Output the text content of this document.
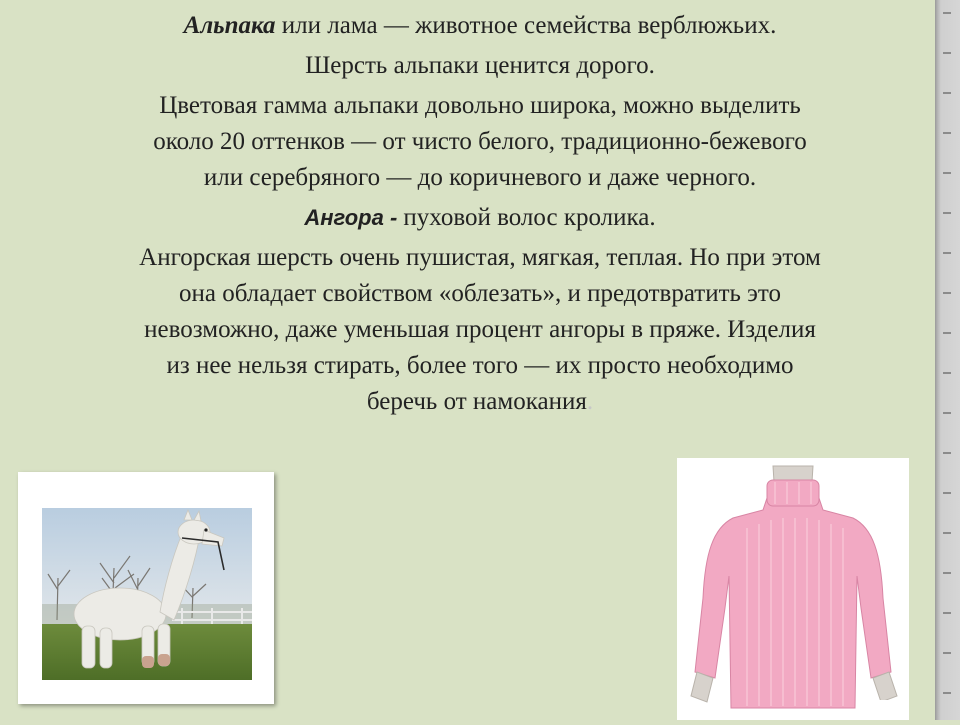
Альпака или лама — животное семейства верблюжьих.

Шерсть альпаки ценится дорого.

Цветовая гамма альпаки довольно широка, можно выделить
около 20 оттенков — от чисто белого, традиционно-бежевого
или серебряного — до коричневого и даже черного.

Ангора - пуховой волос кролика.

Ангорская шерсть очень пушистая, мягкая, теплая. Но при этом
она обладает свойством «облезать», и предотвратить это
невозможно, даже уменьшая процент ангоры в пряже. Изделия
из нее нельзя стирать, более того — их просто необходимо
беречь от намокания.
